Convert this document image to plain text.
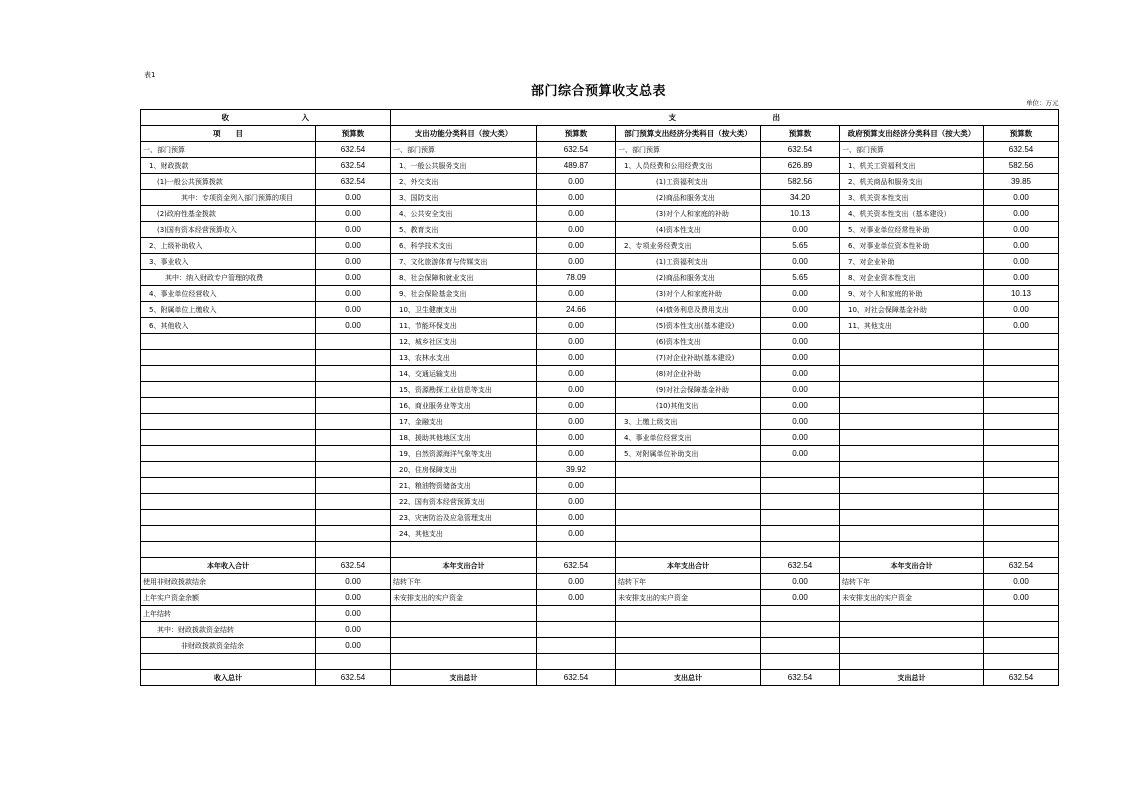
表1
部门综合预算收支总表
单位：万元
收　　　　　　　　　入		支　　　　　　　　　　　　出					
项　　目	预算数	支出功能分类科目（按大类）	预算数	部门预算支出经济分类科目（按大类）	预算数	政府预算支出经济分类科目（按大类）	预算数
一、部门预算	632.54	一、部门预算	632.54	一、部门预算	632.54	一、部门预算	632.54
1、财政拨款	632.54	1、一般公共服务支出	489.87	1、人员经费和公用经费支出	626.89	1、机关工资福利支出	582.56
(1)一般公共预算拨款	632.54	2、外交支出	0.00	(1)工资福利支出	582.56	2、机关商品和服务支出	39.85
其中：专项资金列入部门预算的项目	0.00	3、国防支出	0.00	(2)商品和服务支出	34.20	3、机关资本性支出	0.00
(2)政府性基金拨款	0.00	4、公共安全支出	0.00	(3)对个人和家庭的补助	10.13	4、机关资本性支出（基本建设）	0.00
(3)国有资本经营预算收入	0.00	5、教育支出	0.00	(4)资本性支出	0.00	5、对事业单位经常性补助	0.00
2、上级补助收入	0.00	6、科学技术支出	0.00	2、专项业务经费支出	5.65	6、对事业单位资本性补助	0.00
3、事业收入	0.00	7、文化旅游体育与传媒支出	0.00	(1)工资福利支出	0.00	7、对企业补助	0.00
其中：纳入财政专户管理的收费	0.00	8、社会保障和就业支出	78.09	(2)商品和服务支出	5.65	8、对企业资本性支出	0.00
4、事业单位经营收入	0.00	9、社会保险基金支出	0.00	(3)对个人和家庭补助	0.00	9、对个人和家庭的补助	10.13
5、附属单位上缴收入	0.00	10、卫生健康支出	24.66	(4)债务利息及费用支出	0.00	10、对社会保障基金补助	0.00
6、其他收入	0.00	11、节能环保支出	0.00	(5)资本性支出(基本建设)	0.00	11、其他支出	0.00
		12、城乡社区支出	0.00	(6)资本性支出	0.00		
		13、农林水支出	0.00	(7)对企业补助(基本建设)	0.00		
		14、交通运输支出	0.00	(8)对企业补助	0.00		
		15、资源勘探工业信息等支出	0.00	(9)对社会保障基金补助	0.00		
		16、商业服务业等支出	0.00	(10)其他支出	0.00		
		17、金融支出	0.00	3、上缴上级支出	0.00		
		18、援助其他地区支出	0.00	4、事业单位经营支出	0.00		
		19、自然资源海洋气象等支出	0.00	5、对附属单位补助支出	0.00		
		20、住房保障支出	39.92				
		21、粮油物资储备支出	0.00				
		22、国有资本经营预算支出	0.00				
		23、灾害防治及应急管理支出	0.00				
		24、其他支出	0.00				

本年收入合计	632.54	本年支出合计	632.54	本年支出合计	632.54	本年支出合计	632.54
使用非财政拨款结余	0.00	结转下年	0.00	结转下年	0.00	结转下年	0.00
上年实户资金余额	0.00	未安排支出的实户资金	0.00	未安排支出的实户资金	0.00	未安排支出的实户资金	0.00
上年结转	0.00						
其中：财政拨款资金结转	0.00						
非财政拨款资金结余	0.00						

收入总计	632.54	支出总计	632.54	支出总计	632.54	支出总计	632.54
